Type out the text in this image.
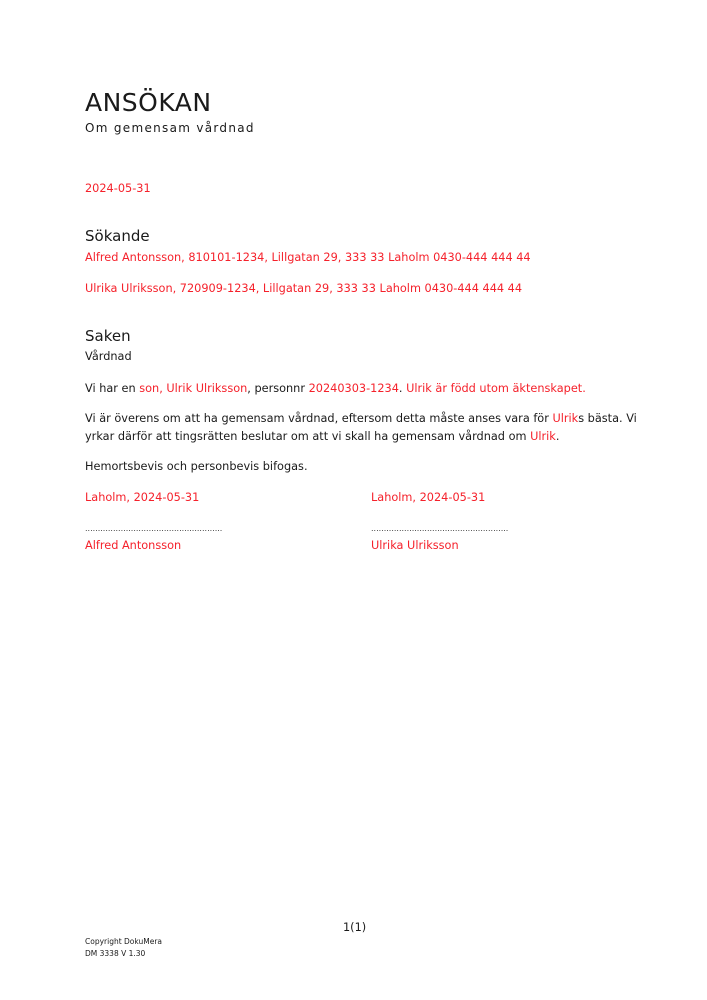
ANSÖKAN
Om gemensam vårdnad
2024-05-31
Sökande
Alfred Antonsson, 810101-1234, Lillgatan 29, 333 33 Laholm 0430-444 444 44
Ulrika Ulriksson, 720909-1234, Lillgatan 29, 333 33 Laholm 0430-444 444 44
Saken
Vårdnad
Vi har en son, Ulrik Ulriksson, personnr 20240303-1234. Ulrik är född utom äktenskapet.
Vi är överens om att ha gemensam vårdnad, eftersom detta måste anses vara för Ulriks bästa. Vi
yrkar därför att tingsrätten beslutar om att vi skall ha gemensam vårdnad om Ulrik.
Hemortsbevis och personbevis bifogas.
Laholm, 2024-05-31
......................................................
Alfred Antonsson
Laholm, 2024-05-31
......................................................
Ulrika Ulriksson
1(1)
Copyright DokuMera
DM 3338 V 1.30
